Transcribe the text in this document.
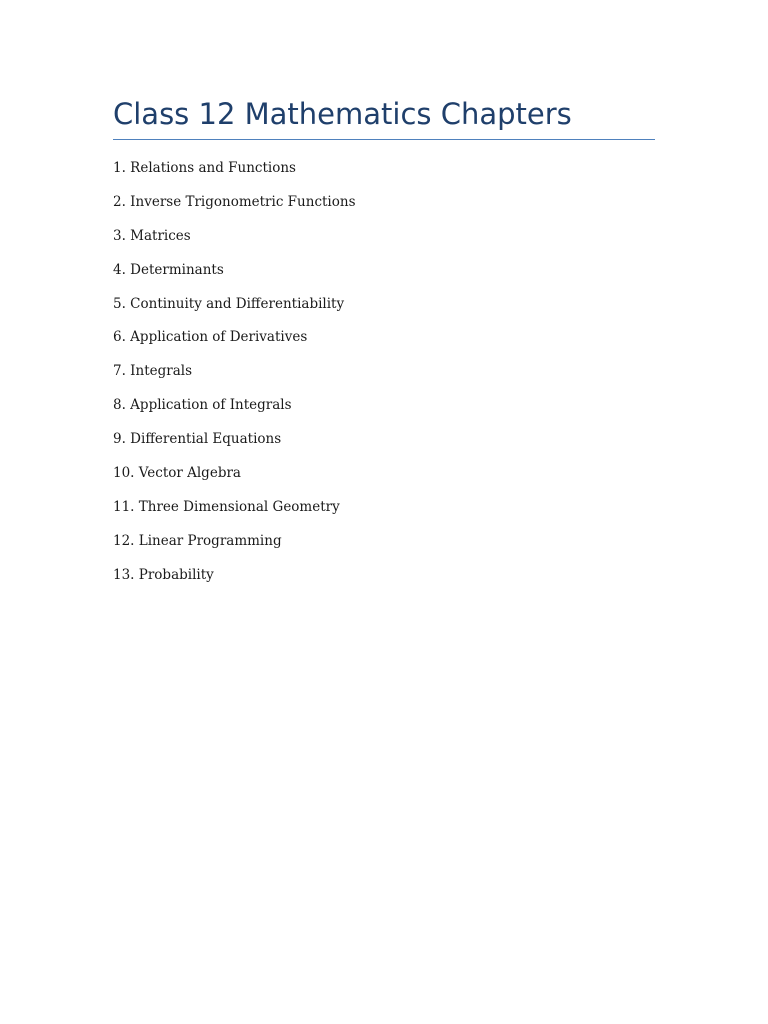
Class 12 Mathematics Chapters
1. Relations and Functions
2. Inverse Trigonometric Functions
3. Matrices
4. Determinants
5. Continuity and Differentiability
6. Application of Derivatives
7. Integrals
8. Application of Integrals
9. Differential Equations
10. Vector Algebra
11. Three Dimensional Geometry
12. Linear Programming
13. Probability
